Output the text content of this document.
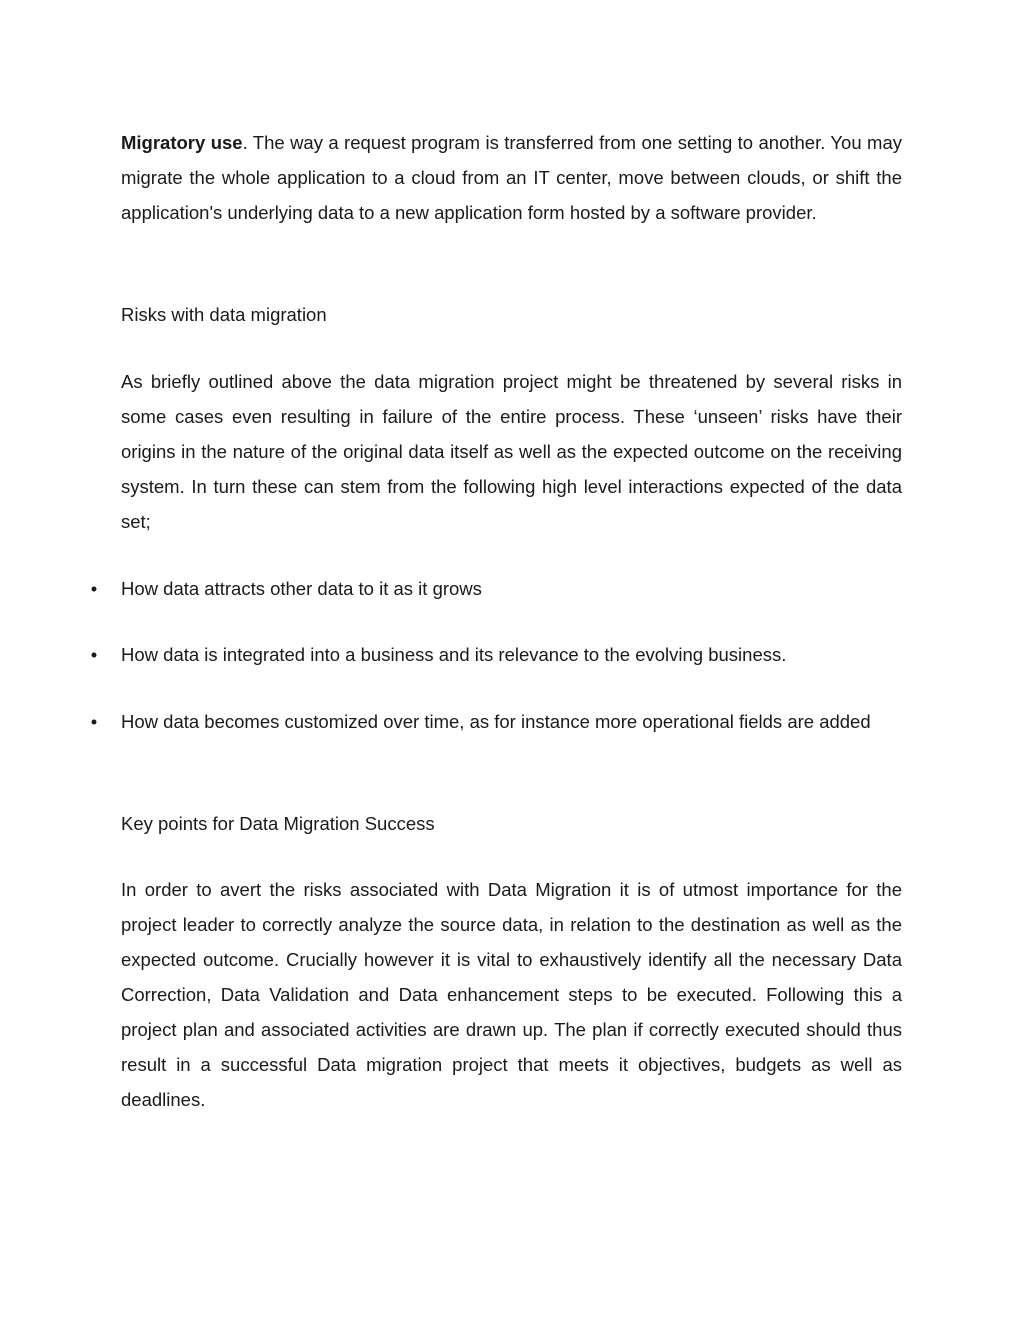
Migratory use. The way a request program is transferred from one setting to another. You may migrate the whole application to a cloud from an IT center, move between clouds, or shift the application's underlying data to a new application form hosted by a software provider.

Risks with data migration

As briefly outlined above the data migration project might be threatened by several risks in some cases even resulting in failure of the entire process. These ‘unseen’ risks have their origins in the nature of the original data itself as well as the expected outcome on the receiving system. In turn these can stem from the following high level interactions expected of the data set;

• How data attracts other data to it as it grows

• How data is integrated into a business and its relevance to the evolving business.

• How data becomes customized over time, as for instance more operational fields are added

Key points for Data Migration Success

In order to avert the risks associated with Data Migration it is of utmost importance for the project leader to correctly analyze the source data, in relation to the destination as well as the expected outcome. Crucially however it is vital to exhaustively identify all the necessary Data Correction, Data Validation and Data enhancement steps to be executed. Following this a project plan and associated activities are drawn up. The plan if correctly executed should thus result in a successful Data migration project that meets it objectives, budgets as well as deadlines.
